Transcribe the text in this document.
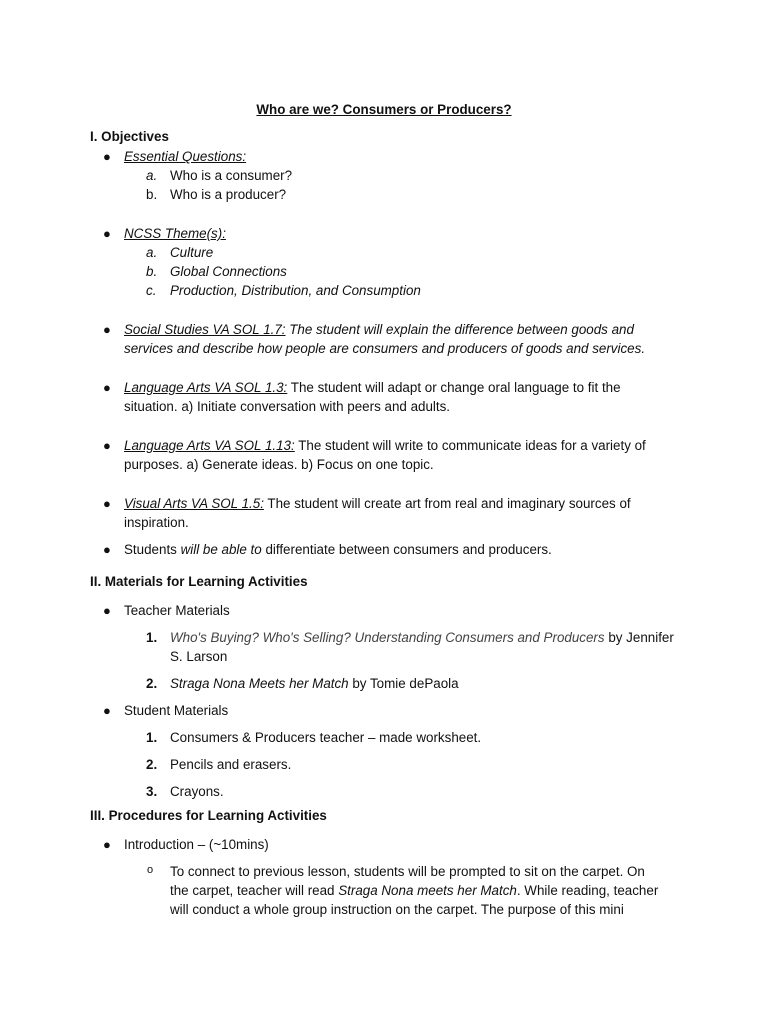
Who are we? Consumers or Producers?
I. Objectives
● Essential Questions:
a. Who is a consumer?
b. Who is a producer?
● NCSS Theme(s):
a. Culture
b. Global Connections
c. Production, Distribution, and Consumption
● Social Studies VA SOL 1.7: The student will explain the difference between goods and
services and describe how people are consumers and producers of goods and services.
● Language Arts VA SOL 1.3: The student will adapt or change oral language to fit the
situation. a) Initiate conversation with peers and adults.
● Language Arts VA SOL 1.13: The student will write to communicate ideas for a variety of
purposes. a) Generate ideas. b) Focus on one topic.
● Visual Arts VA SOL 1.5: The student will create art from real and imaginary sources of
inspiration.
● Students will be able to differentiate between consumers and producers.
II. Materials for Learning Activities
● Teacher Materials
1. Who's Buying? Who's Selling? Understanding Consumers and Producers by Jennifer
S. Larson
2. Straga Nona Meets her Match by Tomie dePaola
● Student Materials
1. Consumers & Producers teacher – made worksheet.
2. Pencils and erasers.
3. Crayons.
III. Procedures for Learning Activities
● Introduction – (~10mins)
o To connect to previous lesson, students will be prompted to sit on the carpet. On
the carpet, teacher will read Straga Nona meets her Match. While reading, teacher
will conduct a whole group instruction on the carpet. The purpose of this mini
